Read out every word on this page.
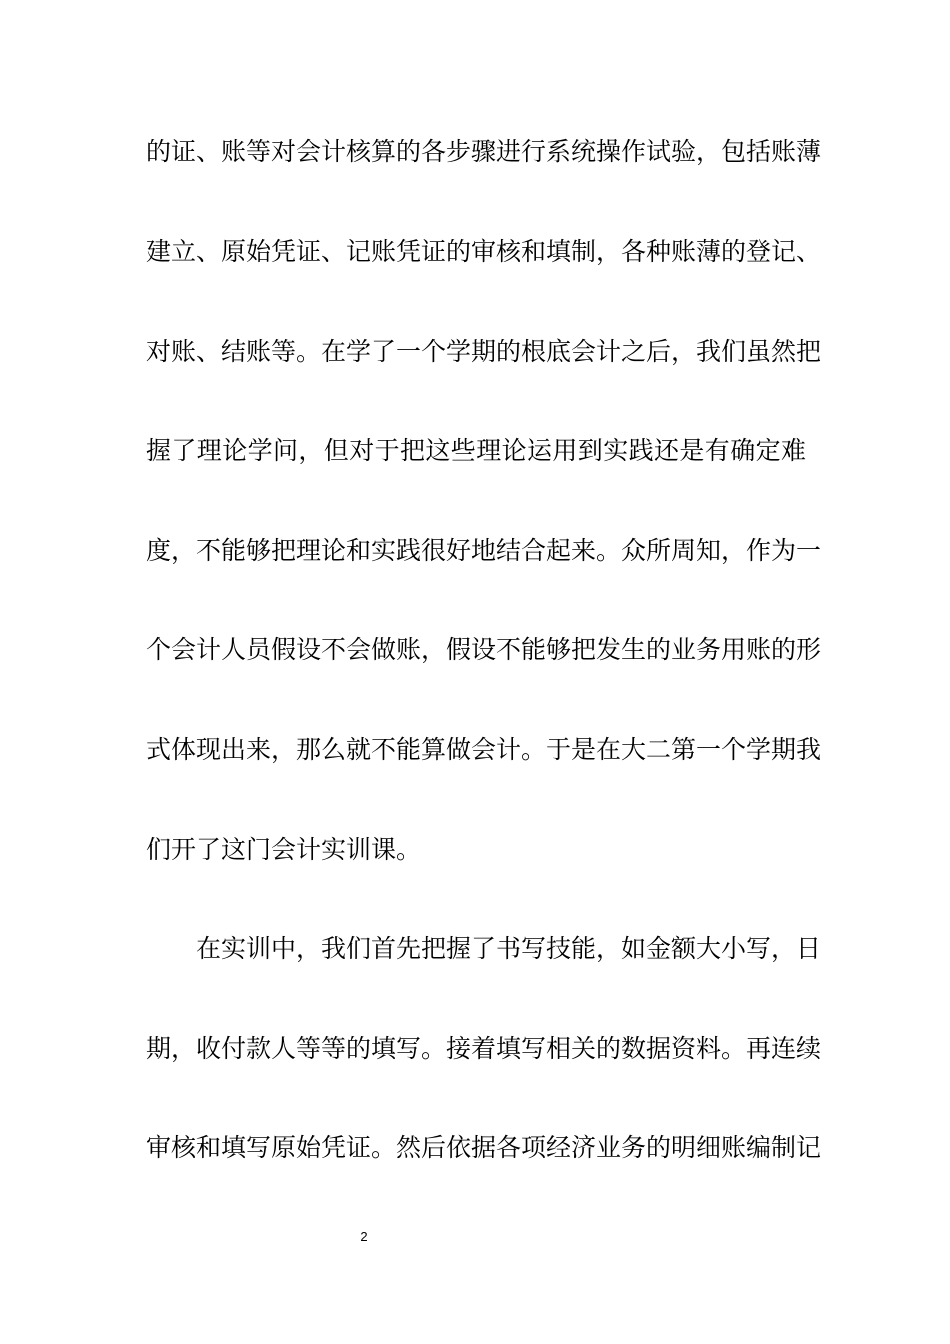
的证、账等对会计核算的各步骤进行系统操作试验，包括账薄
建立、原始凭证、记账凭证的审核和填制，各种账薄的登记、
对账、结账等。在学了一个学期的根底会计之后，我们虽然把
握了理论学问，但对于把这些理论运用到实践还是有确定难
度，不能够把理论和实践很好地结合起来。众所周知，作为一
个会计人员假设不会做账，假设不能够把发生的业务用账的形
式体现出来，那么就不能算做会计。于是在大二第一个学期我
们开了这门会计实训课。
在实训中，我们首先把握了书写技能，如金额大小写，日
期，收付款人等等的填写。接着填写相关的数据资料。再连续
审核和填写原始凭证。然后依据各项经济业务的明细账编制记
2
